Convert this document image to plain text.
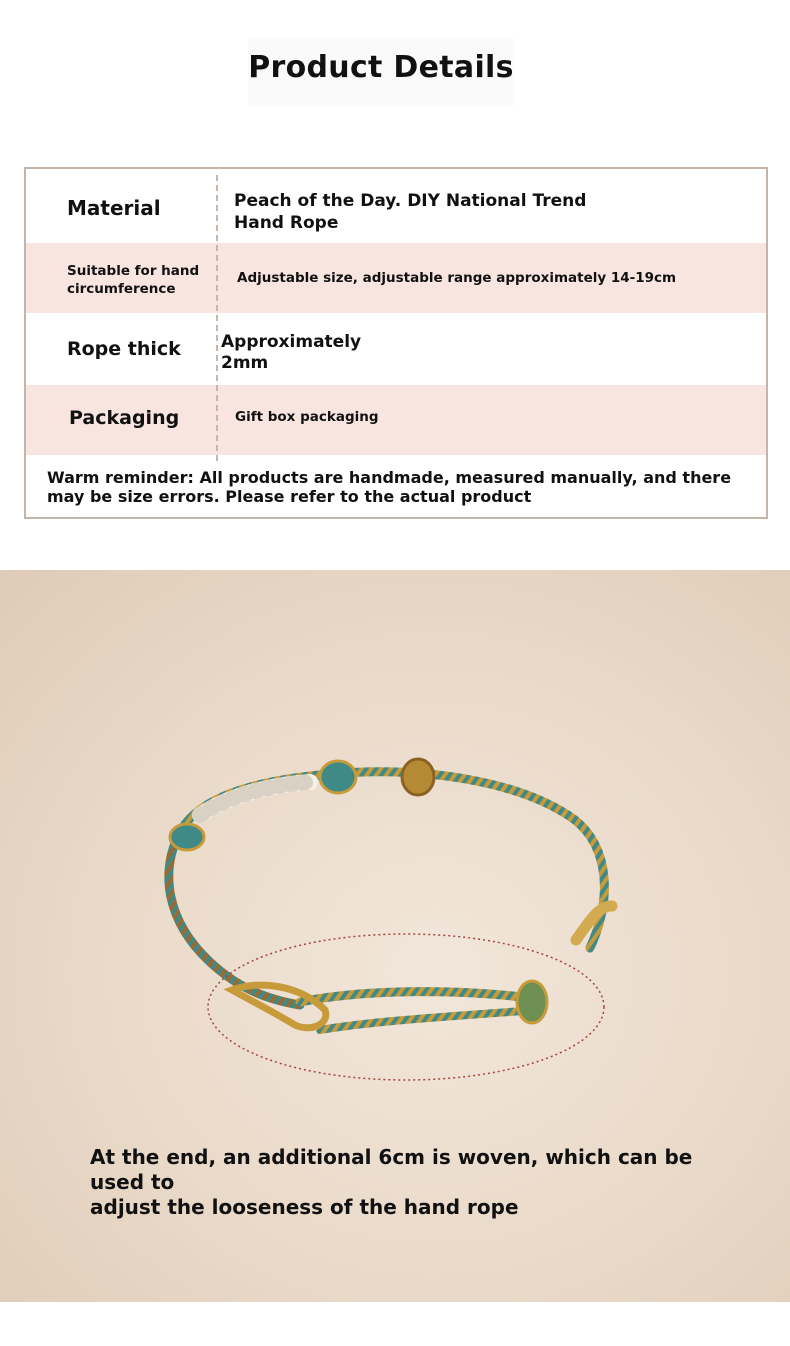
Product Details
Material	Peach of the Day. DIY National Trend
Hand Rope
Suitable for hand
circumference
Adjustable size, adjustable range approximately 14-19cm
Rope thick Approximately
2mm
Packaging	Gift box packaging
Warm reminder: All products are handmade, measured manually, and there may be size errors. Please refer to the actual product
At the end, an additional 6cm is woven, which can be used to
adjust the looseness of the hand rope
